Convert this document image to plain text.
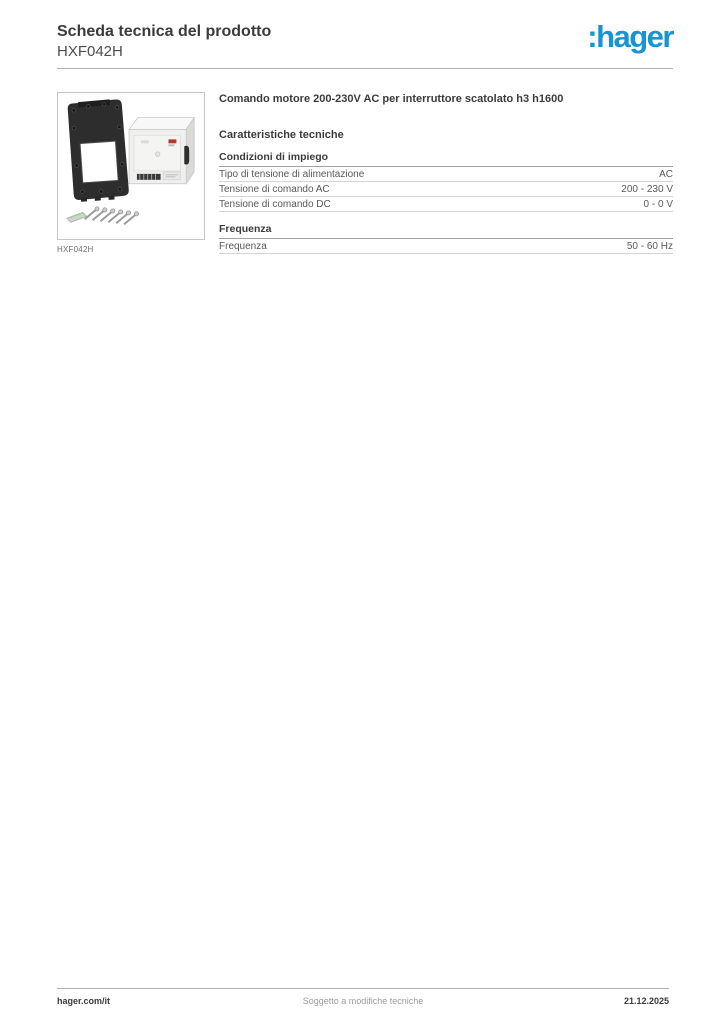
Scheda tecnica del prodotto
HXF042H	:hager
HXF042H
Comando motore 200-230V AC per interruttore scatolato h3 h1600
Caratteristiche tecniche
Condizioni di impiego
Tipo di tensione di alimentazione	AC
Tensione di comando AC	200 - 230 V
Tensione di comando DC	0 - 0 V
Frequenza
Frequenza	50 - 60 Hz
hager.com/it	Soggetto a modifiche tecniche	21.12.2025
